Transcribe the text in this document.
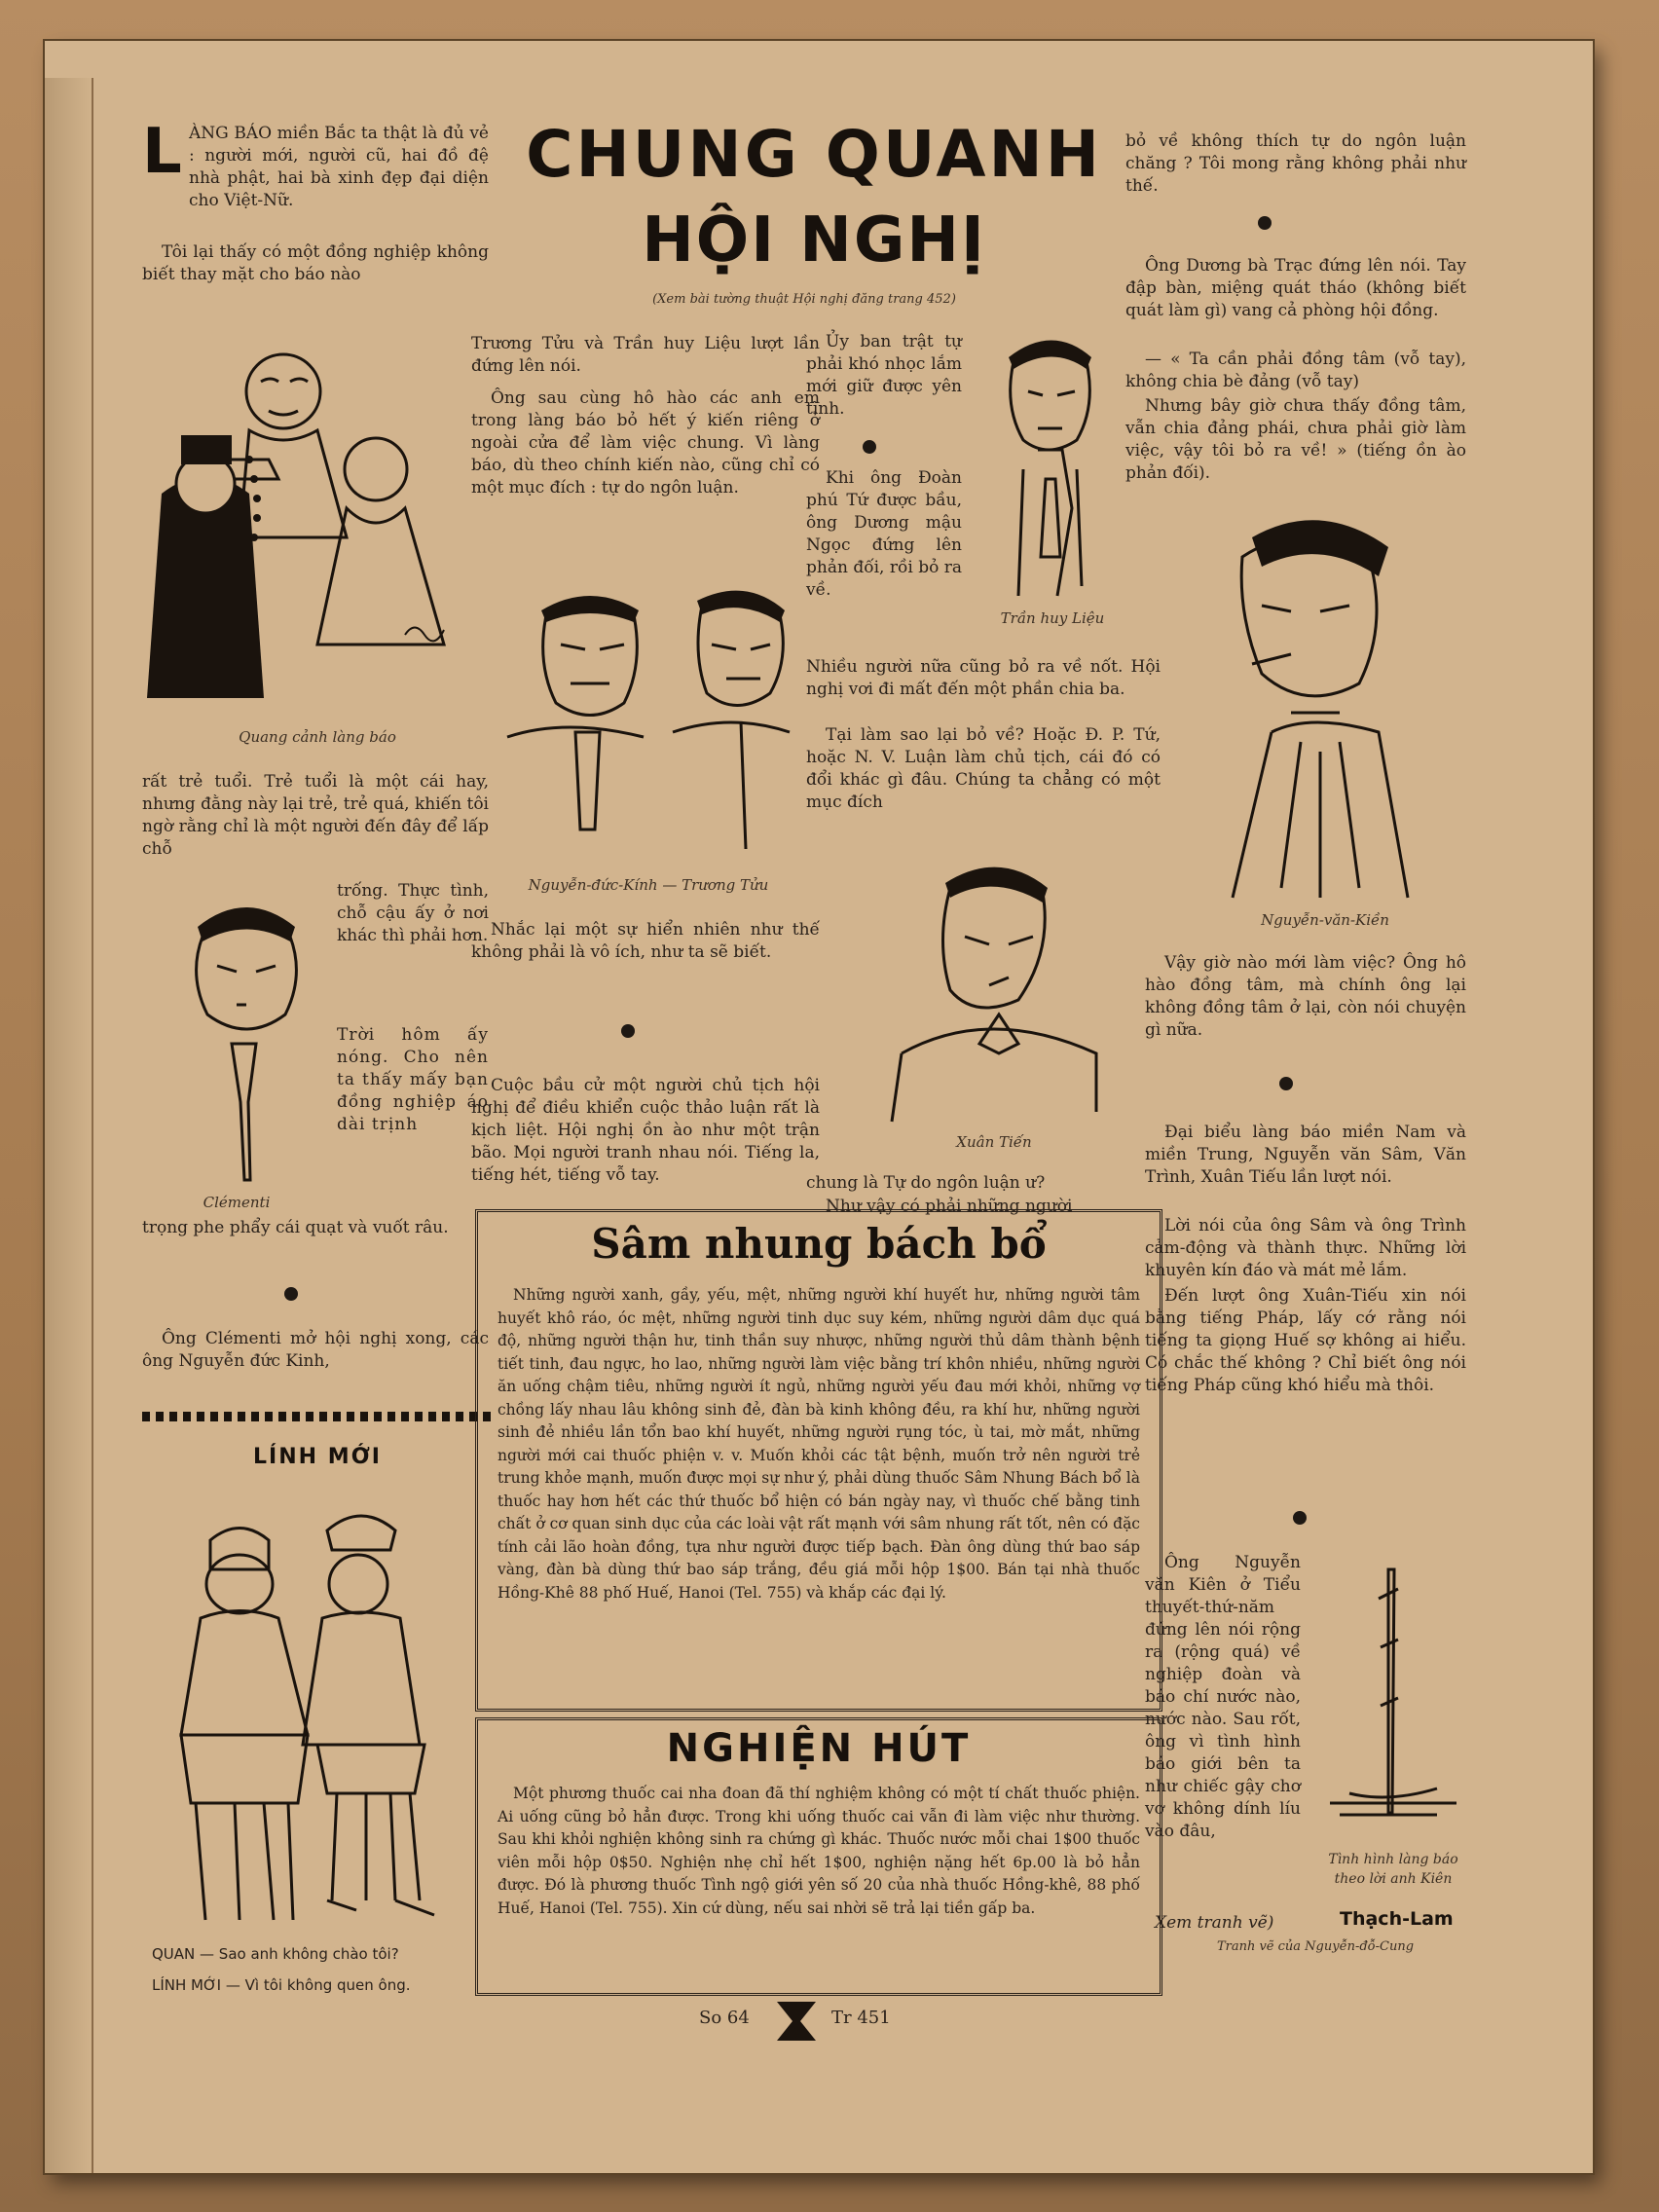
CHUNG QUANH
HỘI NGHỊ
(Xem bài tường thuật Hội nghị đăng trang 452)
L ÀNG BÁO miền Bắc ta thật là đủ vẻ : người mới, người cũ, hai đồ đệ nhà phật, hai bà xinh đẹp đại diện cho Việt-Nữ.
Tôi lại thấy có một đồng nghiệp không biết thay mặt cho báo nào
Quang cảnh làng báo
rất trẻ tuổi. Trẻ tuổi là một cái hay, nhưng đằng này lại trẻ, trẻ quá, khiến tôi ngờ rằng chỉ là một người đến đây để lấp chỗ
trống. Thực tình, chỗ cậu ấy ở nơi khác thì phải hơn.
Trời hôm ấy nóng. Cho nên ta thấy mấy bạn đồng nghiệp áo dài trịnh
Clémenti
trọng phe phẩy cái quạt và vuốt râu.
Ông Clémenti mở hội nghị xong, các ông Nguyễn đức Kinh,
LÍNH MỚI
QUAN — Sao anh không chào tôi?
LÍNH MỚI — Vì tôi không quen ông.
Trương Tửu và Trần huy Liệu lượt lần đứng lên nói.
Ông sau cùng hô hào các anh em trong làng báo bỏ hết ý kiến riêng ở ngoài cửa để làm việc chung. Vì làng báo, dù theo chính kiến nào, cũng chỉ có một mục đích : tự do ngôn luận.
Nguyễn-đức-Kính — Trương Tửu
Nhắc lại một sự hiển nhiên như thế không phải là vô ích, như ta sẽ biết.
Cuộc bầu cử một người chủ tịch hội nghị để điều khiển cuộc thảo luận rất là kịch liệt. Hội nghị ồn ào như một trận bão. Mọi người tranh nhau nói. Tiếng la, tiếng hét, tiếng vỗ tay.
Ủy ban trật tự phải khó nhọc lắm mới giữ được yên tĩnh.
Khi ông Đoàn phú Tứ được bầu, ông Dương mậu Ngọc đứng lên phản đối, rồi bỏ ra về.
Trần huy Liệu
Nhiều người nữa cũng bỏ ra về nốt. Hội nghị vơi đi mất đến một phần chia ba.
Tại làm sao lại bỏ về? Hoặc Đ. P. Tứ, hoặc N. V. Luận làm chủ tịch, cái đó có đổi khác gì đâu. Chúng ta chẳng có một mục đích
Xuân Tiến
chung là Tự do ngôn luận ư?
Như vậy có phải những người
bỏ về không thích tự do ngôn luận chăng ? Tôi mong rằng không phải như thế.
Ông Dương bà Trạc đứng lên nói. Tay đập bàn, miệng quát tháo (không biết quát làm gì) vang cả phòng hội đồng.
— « Ta cần phải đồng tâm (vỗ tay), không chia bè đảng (vỗ tay)
Nhưng bây giờ chưa thấy đồng tâm, vẫn chia đảng phái, chưa phải giờ làm việc, vậy tôi bỏ ra về! » (tiếng ồn ào phản đối).
Nguyễn-văn-Kiền
Vậy giờ nào mới làm việc? Ông hô hào đồng tâm, mà chính ông lại không đồng tâm ở lại, còn nói chuyện gì nữa.
Đại biểu làng báo miền Nam và miền Trung, Nguyễn văn Sâm, Văn Trình, Xuân Tiếu lần lượt nói.
Lời nói của ông Sâm và ông Trình cảm-động và thành thực. Những lời khuyên kín đáo và mát mẻ lắm.
Đến lượt ông Xuân-Tiếu xin nói bằng tiếng Pháp, lấy cớ rằng nói tiếng ta giọng Huế sợ không ai hiểu. Có chắc thế không ? Chỉ biết ông nói tiếng Pháp cũng khó hiểu mà thôi.
Ông Nguyễn văn Kiên ở Tiểu thuyết-thứ-năm đứng lên nói rộng ra (rộng quá) về nghiệp đoàn và báo chí nước nào, nước nào. Sau rốt, ông vì tình hình báo giới bên ta như chiếc gậy chơ vơ không dính líu vào đâu,
Tình hình làng báo theo lời anh Kiên
Xem tranh vẽ)	Thạch-Lam
Tranh vẽ của Nguyễn-đỗ-Cung
Sâm nhung bách bổ
Những người xanh, gầy, yếu, mệt, những người khí huyết hư, những người tâm huyết khô ráo, óc mệt, những người tinh dục suy kém, những người dâm dục quá độ, những người thận hư, tinh thần suy nhược, những người thủ dâm thành bệnh tiết tinh, đau ngực, ho lao, những người làm việc bằng trí khôn nhiều, những người ăn uống chậm tiêu, những người ít ngủ, những người yếu đau mới khỏi, những vợ chồng lấy nhau lâu không sinh đẻ, đàn bà kinh không đều, ra khí hư, những người sinh đẻ nhiều lần tổn bao khí huyết, những người rụng tóc, ù tai, mờ mắt, những người mới cai thuốc phiện v. v. Muốn khỏi các tật bệnh, muốn trở nên người trẻ trung khỏe mạnh, muốn được mọi sự như ý, phải dùng thuốc Sâm Nhung Bách bổ là thuốc hay hơn hết các thứ thuốc bổ hiện có bán ngày nay, vì thuốc chế bằng tinh chất ở cơ quan sinh dục của các loài vật rất mạnh với sâm nhung rất tốt, nên có đặc tính cải lão hoàn đồng, tựa như người được tiếp bạch. Đàn ông dùng thứ bao sáp vàng, đàn bà dùng thứ bao sáp trắng, đều giá mỗi hộp 1$00. Bán tại nhà thuốc Hồng-Khê 88 phố Huế, Hanoi (Tel. 755) và khắp các đại lý.
NGHIỆN HÚT
Một phương thuốc cai nha đoan đã thí nghiệm không có một tí chất thuốc phiện. Ai uống cũng bỏ hẳn được. Trong khi uống thuốc cai vẫn đi làm việc như thường. Sau khi khỏi nghiện không sinh ra chứng gì khác. Thuốc nước mỗi chai 1$00 thuốc viên mỗi hộp 0$50. Nghiện nhẹ chỉ hết 1$00, nghiện nặng hết 6p.00 là bỏ hẳn được. Đó là phương thuốc Tình ngộ giới yên số 20 của nhà thuốc Hồng-khê, 88 phố Huế, Hanoi (Tel. 755). Xin cứ dùng, nếu sai nhời sẽ trả lại tiền gấp ba.
So 64	Tr 451
